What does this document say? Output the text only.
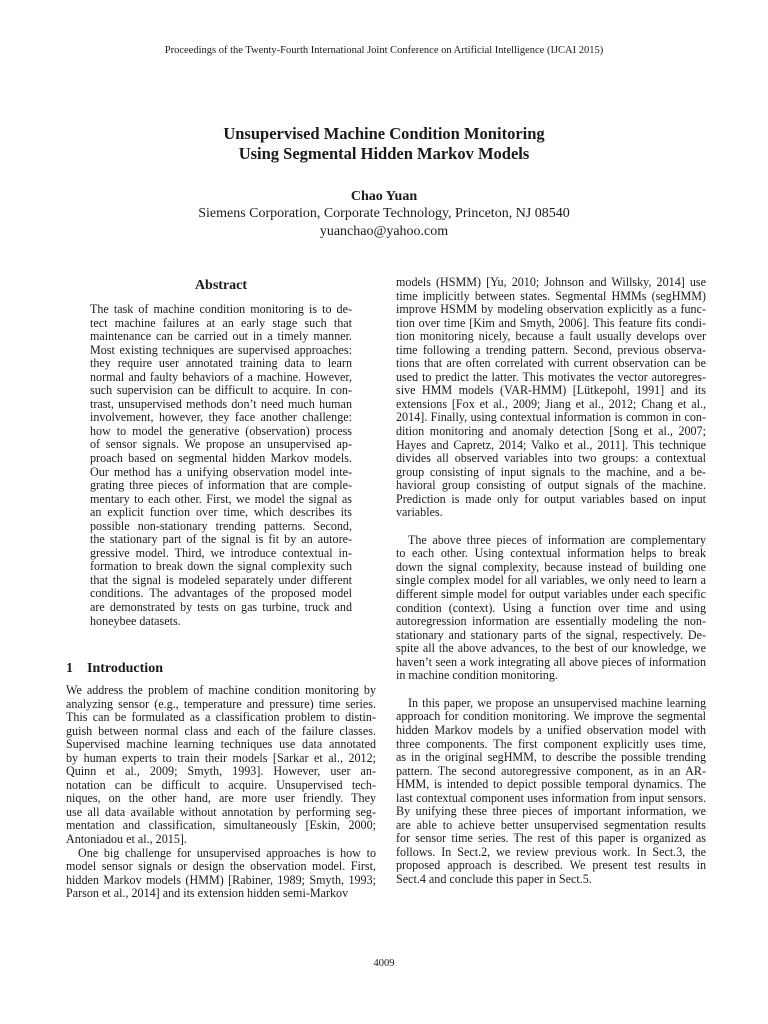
Proceedings of the Twenty-Fourth International Joint Conference on Artificial Intelligence (IJCAI 2015)
Unsupervised Machine Condition Monitoring
Using Segmental Hidden Markov Models
Chao Yuan
Siemens Corporation, Corporate Technology, Princeton, NJ 08540
yuanchao@yahoo.com
Abstract
The task of machine condition monitoring is to de-
tect machine failures at an early stage such that
maintenance can be carried out in a timely manner.
Most existing techniques are supervised approaches:
they require user annotated training data to learn
normal and faulty behaviors of a machine. However,
such supervision can be difficult to acquire. In con-
trast, unsupervised methods don’t need much human
involvement, however, they face another challenge:
how to model the generative (observation) process
of sensor signals. We propose an unsupervised ap-
proach based on segmental hidden Markov models.
Our method has a unifying observation model inte-
grating three pieces of information that are comple-
mentary to each other. First, we model the signal as
an explicit function over time, which describes its
possible non-stationary trending patterns. Second,
the stationary part of the signal is fit by an autore-
gressive model. Third, we introduce contextual in-
formation to break down the signal complexity such
that the signal is modeled separately under different
conditions. The advantages of the proposed model
are demonstrated by tests on gas turbine, truck and
honeybee datasets.
1 Introduction
We address the problem of machine condition monitoring by
analyzing sensor (e.g., temperature and pressure) time series.
This can be formulated as a classification problem to distin-
guish between normal class and each of the failure classes.
Supervised machine learning techniques use data annotated
by human experts to train their models [Sarkar et al., 2012;
Quinn et al., 2009; Smyth, 1993]. However, user an-
notation can be difficult to acquire. Unsupervised tech-
niques, on the other hand, are more user friendly. They
use all data available without annotation by performing seg-
mentation and classification, simultaneously [Eskin, 2000;
Antoniadou et al., 2015].
One big challenge for unsupervised approaches is how to
model sensor signals or design the observation model. First,
hidden Markov models (HMM) [Rabiner, 1989; Smyth, 1993;
Parson et al., 2014] and its extension hidden semi-Markov
models (HSMM) [Yu, 2010; Johnson and Willsky, 2014] use
time implicitly between states. Segmental HMMs (segHMM)
improve HSMM by modeling observation explicitly as a func-
tion over time [Kim and Smyth, 2006]. This feature fits condi-
tion monitoring nicely, because a fault usually develops over
time following a trending pattern. Second, previous observa-
tions that are often correlated with current observation can be
used to predict the latter. This motivates the vector autoregres-
sive HMM models (VAR-HMM) [Lütkepohl, 1991] and its
extensions [Fox et al., 2009; Jiang et al., 2012; Chang et al.,
2014]. Finally, using contextual information is common in con-
dition monitoring and anomaly detection [Song et al., 2007;
Hayes and Capretz, 2014; Valko et al., 2011]. This technique
divides all observed variables into two groups: a contextual
group consisting of input signals to the machine, and a be-
havioral group consisting of output signals of the machine.
Prediction is made only for output variables based on input
variables.
The above three pieces of information are complementary
to each other. Using contextual information helps to break
down the signal complexity, because instead of building one
single complex model for all variables, we only need to learn a
different simple model for output variables under each specific
condition (context). Using a function over time and using
autoregression information are essentially modeling the non-
stationary and stationary parts of the signal, respectively. De-
spite all the above advances, to the best of our knowledge, we
haven’t seen a work integrating all above pieces of information
in machine condition monitoring.
In this paper, we propose an unsupervised machine learning
approach for condition monitoring. We improve the segmental
hidden Markov models by a unified observation model with
three components. The first component explicitly uses time,
as in the original segHMM, to describe the possible trending
pattern. The second autoregressive component, as in an AR-
HMM, is intended to depict possible temporal dynamics. The
last contextual component uses information from input sensors.
By unifying these three pieces of important information, we
are able to achieve better unsupervised segmentation results
for sensor time series. The rest of this paper is organized as
follows. In Sect.2, we review previous work. In Sect.3, the
proposed approach is described. We present test results in
Sect.4 and conclude this paper in Sect.5.
4009
